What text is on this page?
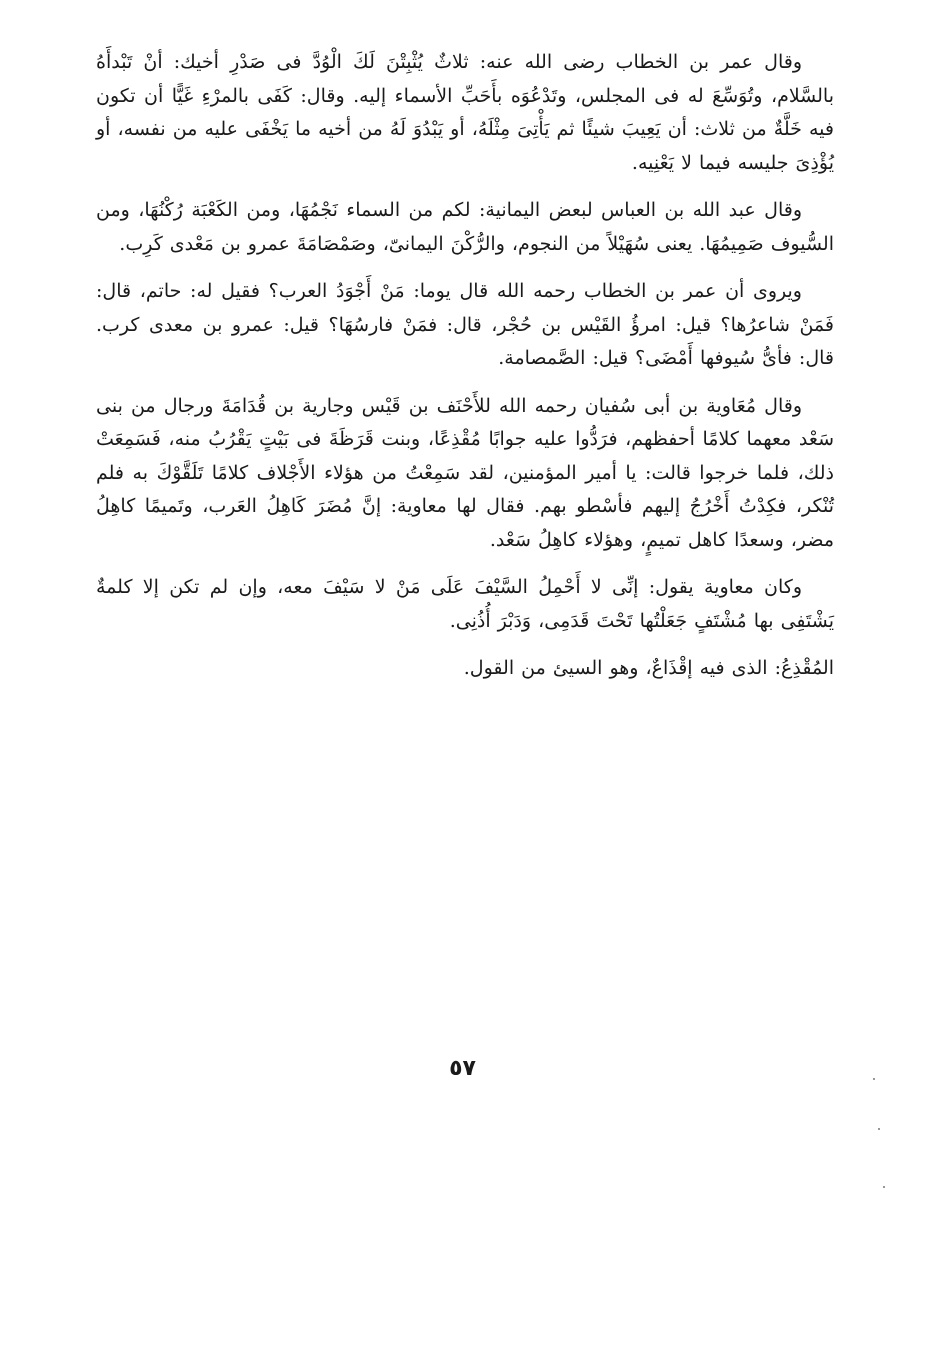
وقال عمر بن الخطاب رضى الله عنه: ثلاثٌ يُثْبِتْنَ لَكَ الْوُدَّ فى صَدْرِ أخيك: أنْ تَبْدأَهُ بالسَّلام، وتُوَسِّعَ له فى المجلس، وتَدْعُوَه بأَحَبِّ الأسماء إليه. وقال: كَفَى بالمرْءِ غَيًّا أن تكون فيه خَلَّةٌ من ثلاث: أن يَعِيبَ شيئًا ثم يَأْتِىَ مِثْلَهُ، أو يَبْدُوَ لَهُ من أخيه ما يَخْفَى عليه من نفسه، أو يُؤْذِىَ جليسه فيما لا يَعْنِيه.

وقال عبد الله بن العباس لبعض اليمانية: لكم من السماء نَجْمُهَا، ومن الكَعْبَة رُكْنُهَا، ومن السُّيوف صَمِيمُهَا. يعنى سُهَيْلاً من النجوم، والرُّكْنَ اليمانىّ، وصَمْصَامَةَ عمرو بن مَعْدى كَرِب.

ويروى أن عمر بن الخطاب رحمه الله قال يوما: مَنْ أَجْوَدُ العرب؟ فقيل له: حاتم، قال: فَمَنْ شاعرُها؟ قيل: امرؤُ القَيْس بن حُجْر، قال: فمَنْ فارسُهَا؟ قيل: عمرو بن معدى كرب. قال: فأىُّ سُيوفها أَمْضَى؟ قيل: الصَّمصامة.

وقال مُعَاوية بن أبى سُفيان رحمه الله للأَحْنَف بن قَيْس وجارية بن قُدَامَةَ ورجال من بنى سَعْد معهما كلامًا أحفظهم، فرَدُّوا عليه جوابًا مُقْذِعًا، وبنت قَرَظَةَ فى بَيْتٍ يَقْرُبُ منه، فَسَمِعَتْ ذلك، فلما خرجوا قالت: يا أمير المؤمنين، لقد سَمِعْتُ من هؤلاء الأَجْلاف كلامًا تَلَقَّوْكَ به فلم تُنْكر، فكِدْتُ أَخْرُجُ إليهم فأسْطو بهم. فقال لها معاوية: إنَّ مُضَرَ كَاهِلُ العَرب، وتَميمًا كاهِلُ مضر، وسعدًا كاهل تميمٍ، وهؤلاء كاهِلُ سَعْد.

وكان معاوية يقول: إنِّى لا أَحْمِلُ السَّيْفَ عَلَى مَنْ لا سَيْفَ معه، وإن لم تكن إلا كلمةٌ يَشْتَفِى بها مُشْتَفٍ جَعَلْتُها تَحْتَ قَدَمِى، وَدَبْرَ أُذُنِى.

المُقْذِعُ: الذى فيه إقْذَاعٌ، وهو السيئ من القول.

٥٧
